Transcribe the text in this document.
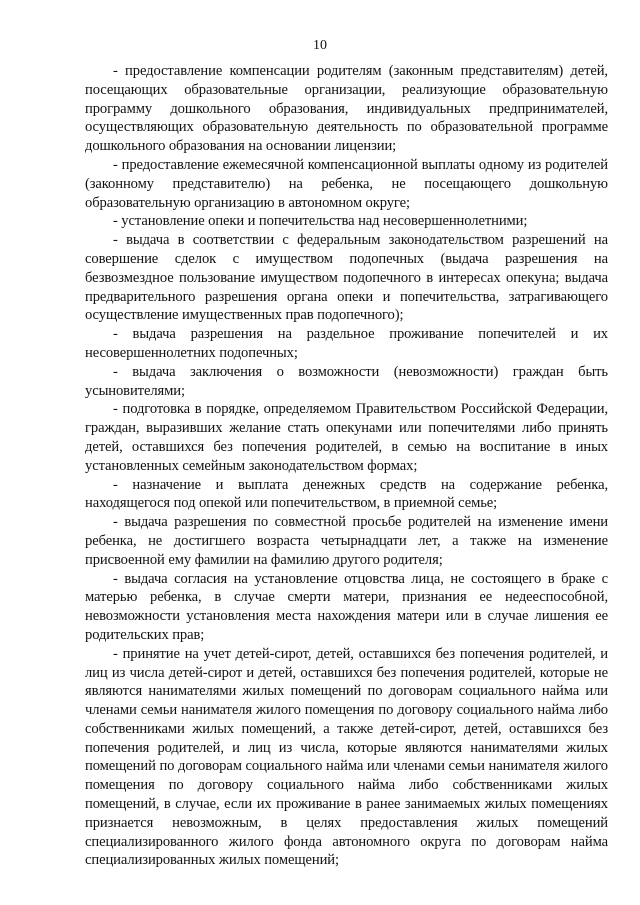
10

- предоставление компенсации родителям (законным представителям) детей, посещающих образовательные организации, реализующие образовательную программу дошкольного образования, индивидуальных предпринимателей, осуществляющих образовательную деятельность по образовательной программе дошкольного образования на основании лицензии;

- предоставление ежемесячной компенсационной выплаты одному из родителей (законному представителю) на ребенка, не посещающего дошкольную образовательную организацию в автономном округе;

- установление опеки и попечительства над несовершеннолетними;

- выдача в соответствии с федеральным законодательством разрешений на совершение сделок с имуществом подопечных (выдача разрешения на безвозмездное пользование имуществом подопечного в интересах опекуна; выдача предварительного разрешения органа опеки и попечительства, затрагивающего осуществление имущественных прав подопечного);

- выдача разрешения на раздельное проживание попечителей и их несовершеннолетних подопечных;

- выдача заключения о возможности (невозможности) граждан быть усыновителями;

- подготовка в порядке, определяемом Правительством Российской Федерации, граждан, выразивших желание стать опекунами или попечителями либо принять детей, оставшихся без попечения родителей, в семью на воспитание в иных установленных семейным законодательством формах;

- назначение и выплата денежных средств на содержание ребенка, находящегося под опекой или попечительством, в приемной семье;

- выдача разрешения по совместной просьбе родителей на изменение имени ребенка, не достигшего возраста четырнадцати лет, а также на изменение присвоенной ему фамилии на фамилию другого родителя;

- выдача согласия на установление отцовства лица, не состоящего в браке с матерью ребенка, в случае смерти матери, признания ее недееспособной, невозможности установления места нахождения матери или в случае лишения ее родительских прав;

- принятие на учет детей-сирот, детей, оставшихся без попечения родителей, и лиц из числа детей-сирот и детей, оставшихся без попечения родителей, которые не являются нанимателями жилых помещений по договорам социального найма или членами семьи нанимателя жилого помещения по договору социального найма либо собственниками жилых помещений, а также детей-сирот, детей, оставшихся без попечения родителей, и лиц из числа, которые являются нанимателями жилых помещений по договорам социального найма или членами семьи нанимателя жилого помещения по договору социального найма либо собственниками жилых помещений, в случае, если их проживание в ранее занимаемых жилых помещениях признается невозможным, в целях предоставления жилых помещений специализированного жилого фонда автономного округа по договорам найма специализированных жилых помещений;
